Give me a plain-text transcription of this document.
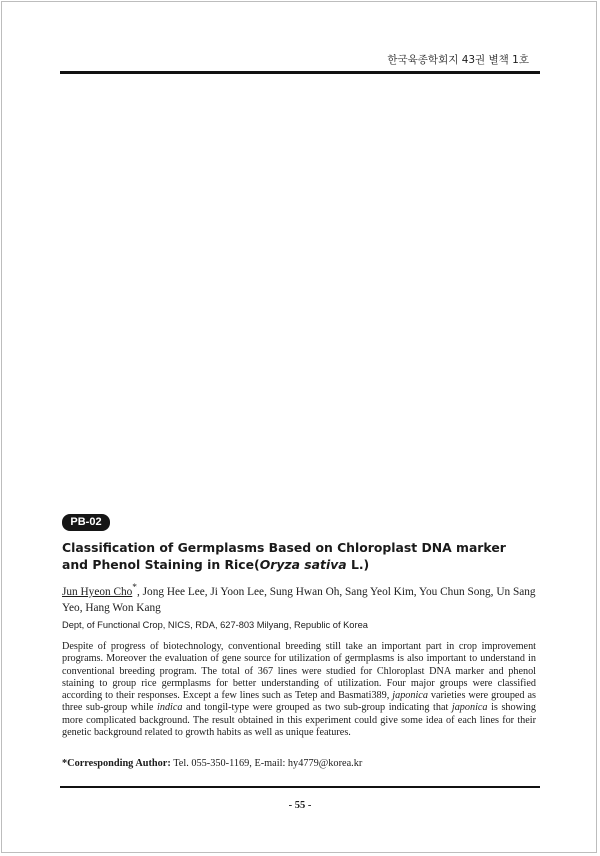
한국육종학회지 43권 별책 1호
PB-02
Classification of Germplasms Based on Chloroplast DNA marker and Phenol Staining in Rice(Oryza sativa L.)

Jun Hyeon Cho*, Jong Hee Lee, Ji Yoon Lee, Sung Hwan Oh, Sang Yeol Kim, You Chun Song, Un Sang Yeo, Hang Won Kang

Dept, of Functional Crop, NICS, RDA, 627-803 Milyang, Republic of Korea

Despite of progress of biotechnology, conventional breeding still take an important part in crop improvement programs. Moreover the evaluation of gene source for utilization of germplasms is also important to understand in conventional breeding program. The total of 367 lines were studied for Chloroplast DNA marker and phenol staining to group rice germplasms for better understanding of utilization. Four major groups were classified according to their responses. Except a few lines such as Tetep and Basmati389, japonica varieties were grouped as three sub-group while indica and tongil-type were grouped as two sub-group indicating that japonica is showing more complicated background. The result obtained in this experiment could give some idea of each lines for their genetic background related to growth habits as well as unique features.

*Corresponding Author: Tel. 055-350-1169, E-mail: hy4779@korea.kr

- 55 -
